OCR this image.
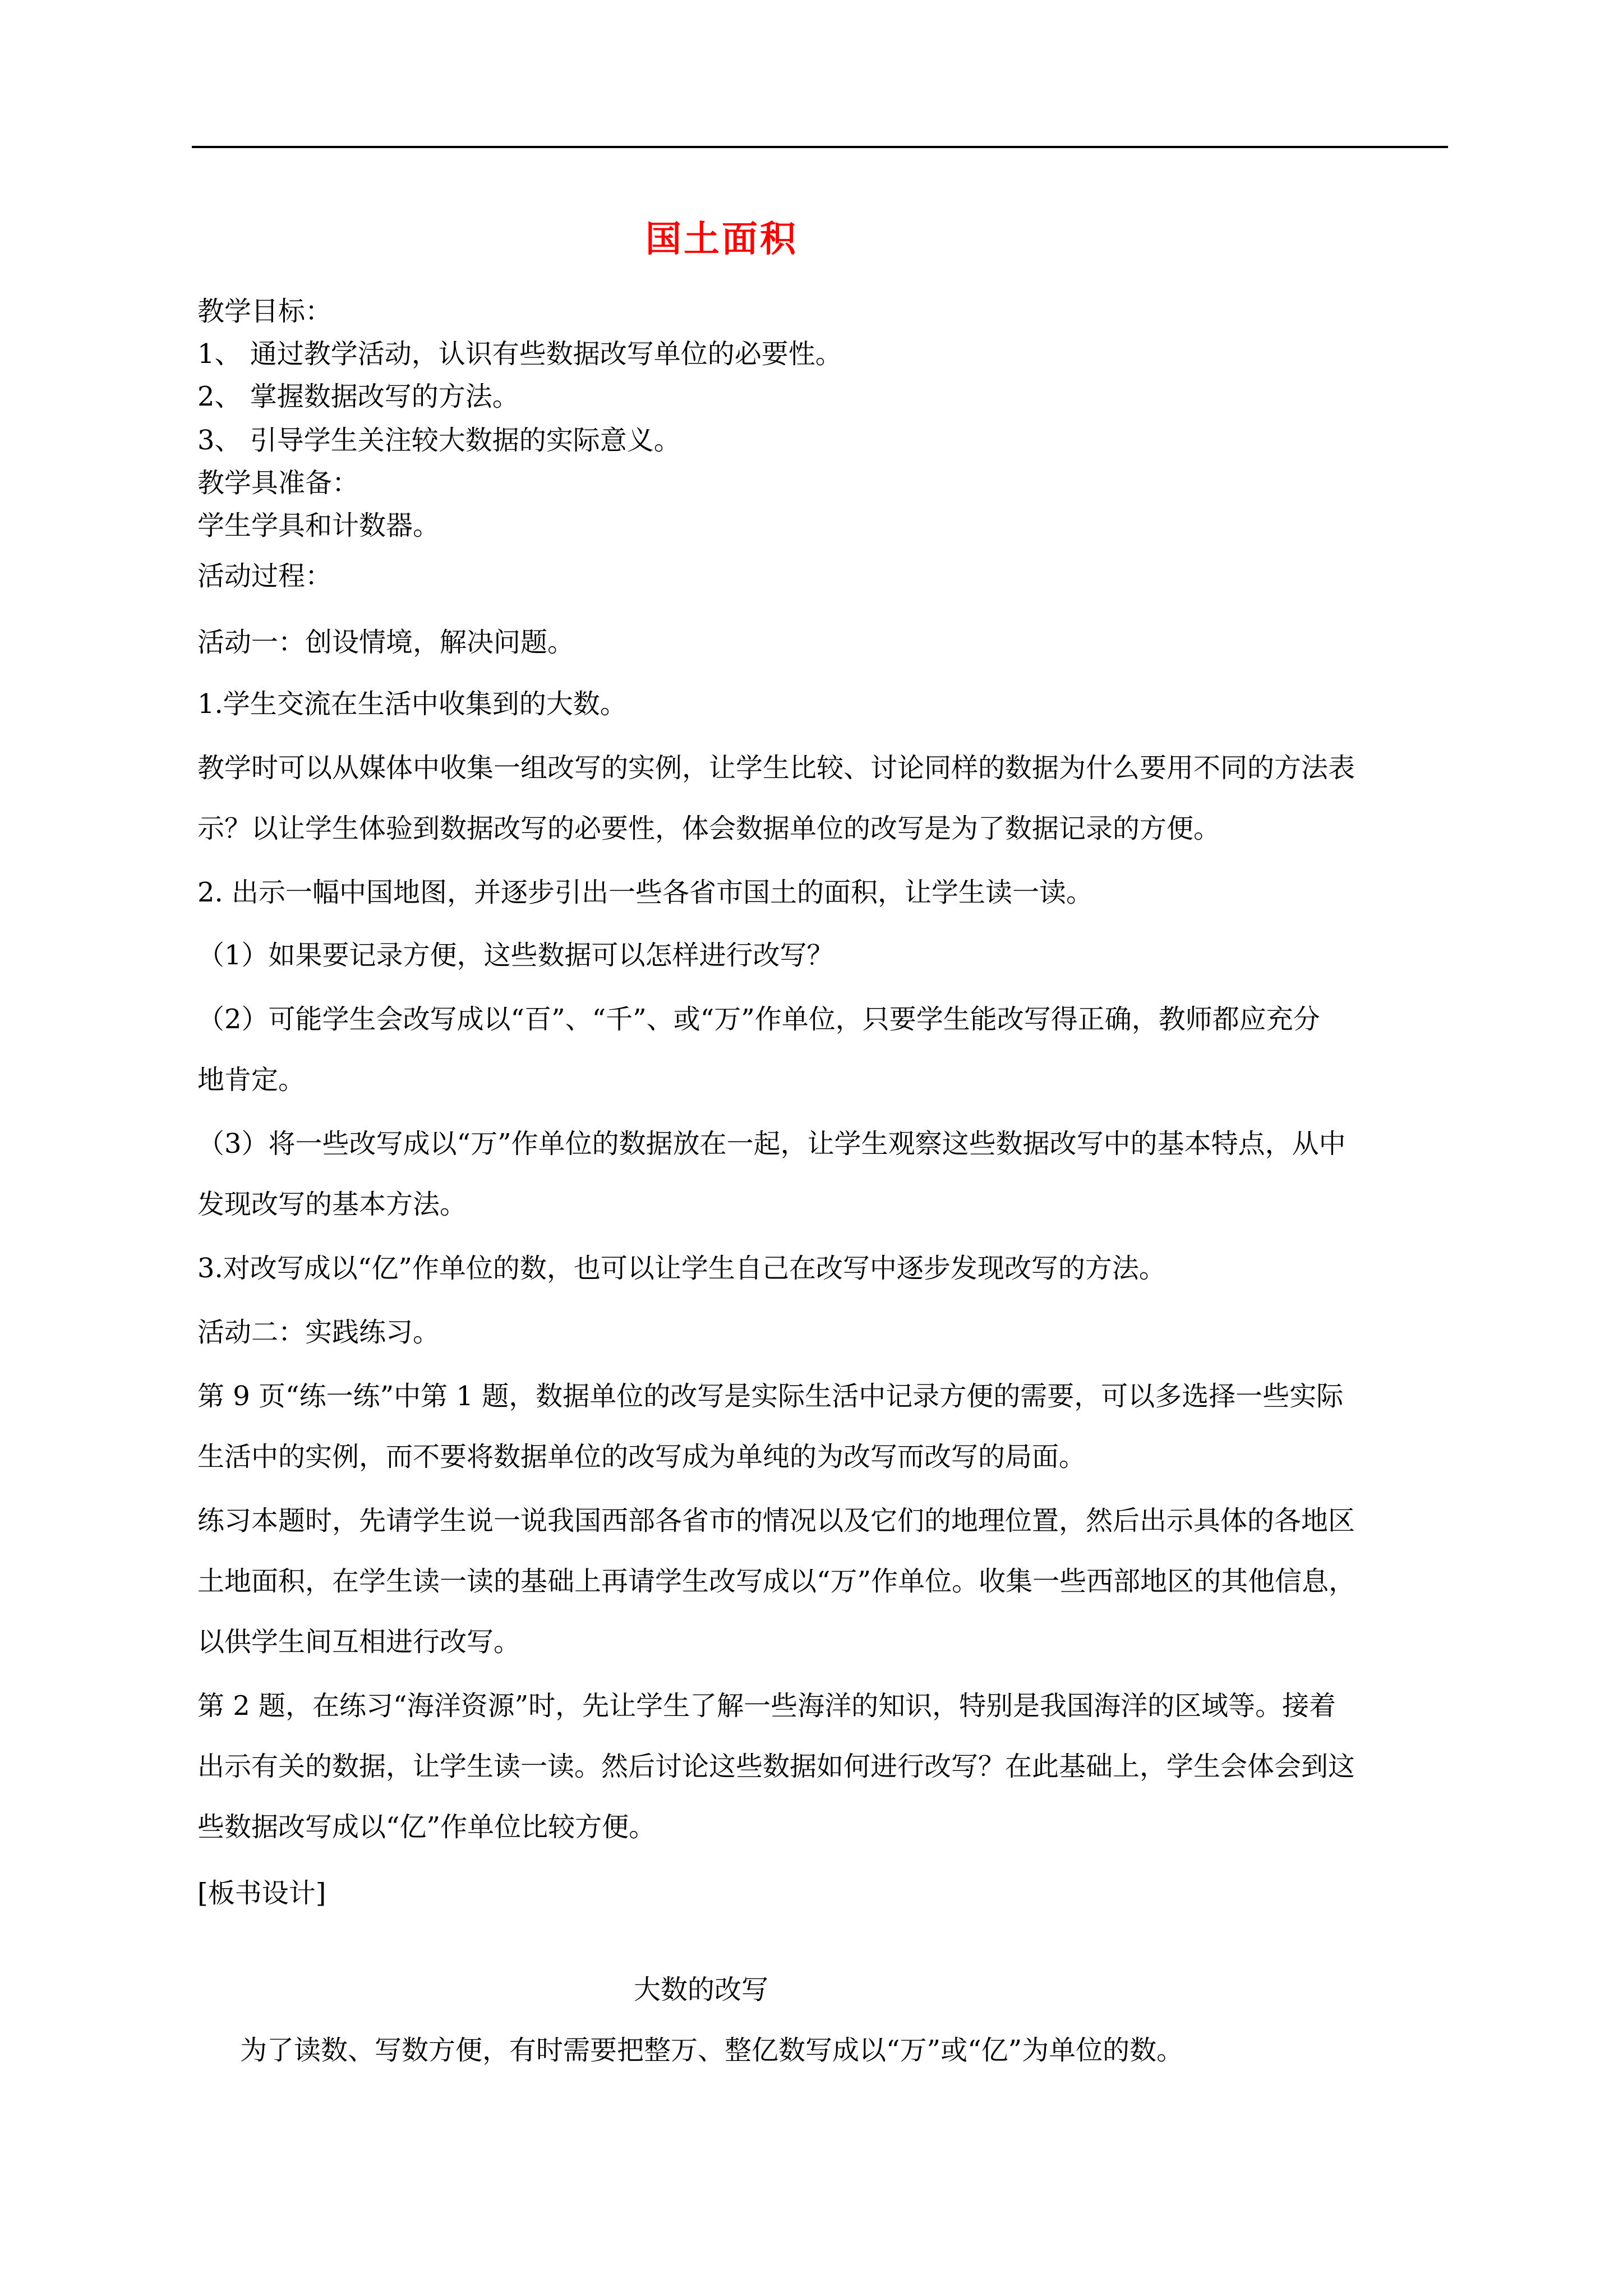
国土面积
教学目标：
1、 通过教学活动，认识有些数据改写单位的必要性。
2、 掌握数据改写的方法。
3、 引导学生关注较大数据的实际意义。
教学具准备：
学生学具和计数器。
活动过程：
活动一：创设情境，解决问题。
1.学生交流在生活中收集到的大数。
教学时可以从媒体中收集一组改写的实例，让学生比较、讨论同样的数据为什么要用不同的方法表
示？以让学生体验到数据改写的必要性，体会数据单位的改写是为了数据记录的方便。
2. 出示一幅中国地图，并逐步引出一些各省市国土的面积，让学生读一读。
（1）如果要记录方便，这些数据可以怎样进行改写？
（2）可能学生会改写成以“百”、“千”、或“万”作单位，只要学生能改写得正确，教师都应充分
地肯定。
（3）将一些改写成以“万”作单位的数据放在一起，让学生观察这些数据改写中的基本特点，从中
发现改写的基本方法。
3.对改写成以“亿”作单位的数，也可以让学生自己在改写中逐步发现改写的方法。
活动二：实践练习。
第 9 页“练一练”中第 1 题，数据单位的改写是实际生活中记录方便的需要，可以多选择一些实际
生活中的实例，而不要将数据单位的改写成为单纯的为改写而改写的局面。
练习本题时，先请学生说一说我国西部各省市的情况以及它们的地理位置，然后出示具体的各地区
土地面积，在学生读一读的基础上再请学生改写成以“万”作单位。收集一些西部地区的其他信息，
以供学生间互相进行改写。
第 2 题，在练习“海洋资源”时，先让学生了解一些海洋的知识，特别是我国海洋的区域等。接着
出示有关的数据，让学生读一读。然后讨论这些数据如何进行改写？在此基础上，学生会体会到这
些数据改写成以“亿”作单位比较方便。
[板书设计]
大数的改写
为了读数、写数方便，有时需要把整万、整亿数写成以“万”或“亿”为单位的数。
